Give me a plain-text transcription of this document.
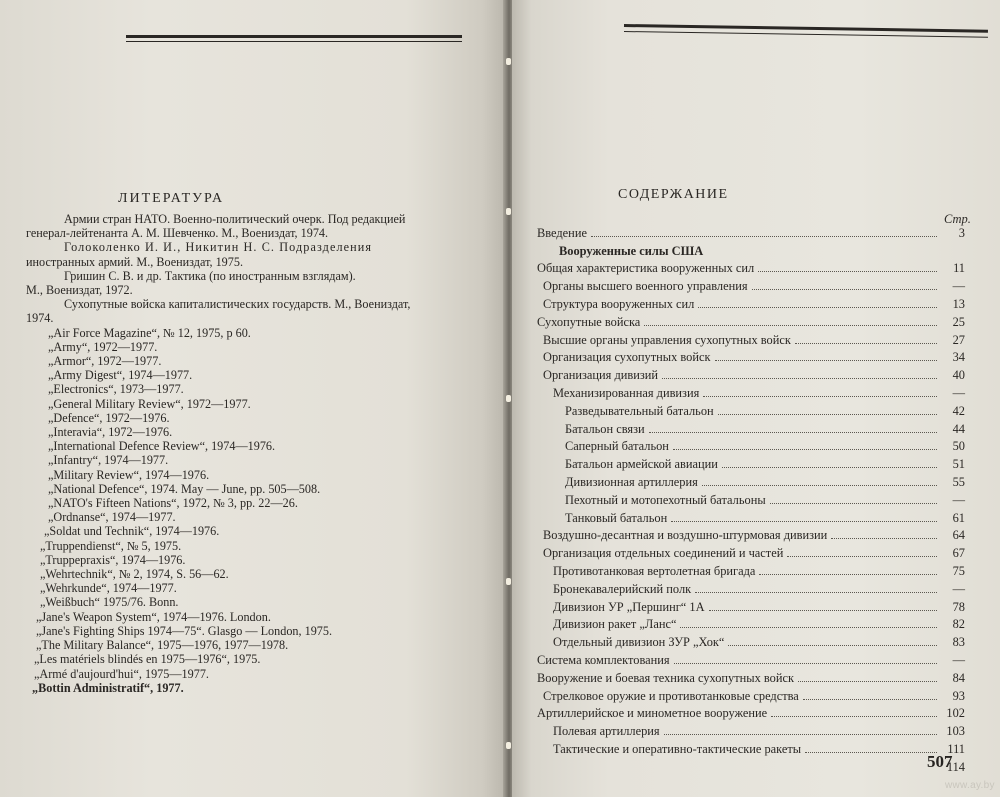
ЛИТЕРАТУРА
Армии стран НАТО. Военно-политический очерк. Под редакцией
генерал-лейтенанта А. М. Шевченко. М., Воениздат, 1974.
Голоколенко И. И., Никитин Н. С. Подразделения
иностранных армий. М., Воениздат, 1975.
Гришин С. В. и др. Тактика (по иностранным взглядам).
М., Воениздат, 1972.
Сухопутные войска капиталистических государств. М., Воениздат,
1974.
„Air Force Magazine“, № 12, 1975, p 60.
„Army“, 1972—1977.
„Armor“, 1972—1977.
„Army Digest“, 1974—1977.
„Electronics“, 1973—1977.
„General Military Review“, 1972—1977.
„Defence“, 1972—1976.
„Interavia“, 1972—1976.
„International Defence Review“, 1974—1976.
„Infantry“, 1974—1977.
„Military Review“, 1974—1976.
„National Defence“, 1974. May — June, pp. 505—508.
„NATO's Fifteen Nations“, 1972, № 3, pp. 22—26.
„Ordnanse“, 1974—1977.
„Soldat und Technik“, 1974—1976.
„Truppendienst“, № 5, 1975.
„Truppepraxis“, 1974—1976.
„Wehrtechnik“, № 2, 1974, S. 56—62.
„Wehrkunde“, 1974—1977.
„Weißbuch“ 1975/76. Bonn.
„Jane's Weapon System“, 1974—1976. London.
„Jane's Fighting Ships 1974—75“. Glasgo — London, 1975.
„The Military Balance“, 1975—1976, 1977—1978.
„Les matériels blindés en 1975—1976“, 1975.
„Armé d'aujourd'hui“, 1975—1977.
„Bottin Administratif“, 1977.
СОДЕРЖАНИЕ
Стр.
Введение	3
Вооруженные силы США
Общая характеристика вооруженных сил	11
Органы высшего военного управления	—
Структура вооруженных сил	13
Сухопутные войска	25
Высшие органы управления сухопутных войск	27
Организация сухопутных войск	34
Организация дивизий	40
Механизированная дивизия	—
Разведывательный батальон	42
Батальон связи	44
Саперный батальон	50
Батальон армейской авиации	51
Дивизионная артиллерия	55
Пехотный и мотопехотный батальоны	—
Танковый батальон	61
Воздушно-десантная и воздушно-штурмовая дивизии	64
Организация отдельных соединений и частей	67
Противотанковая вертолетная бригада	75
Бронекавалерийский полк	—
Дивизион УР „Першинг“ 1А	78
Дивизион ракет „Ланс“	82
Отдельный дивизион ЗУР „Хок“	83
Система комплектования	—
Вооружение и боевая техника сухопутных войск	84
Стрелковое оружие и противотанковые средства	93
Артиллерийское и минометное вооружение	102
Полевая артиллерия	103
Тактические и оперативно-тактические ракеты	111
114
507
www.ay.by
